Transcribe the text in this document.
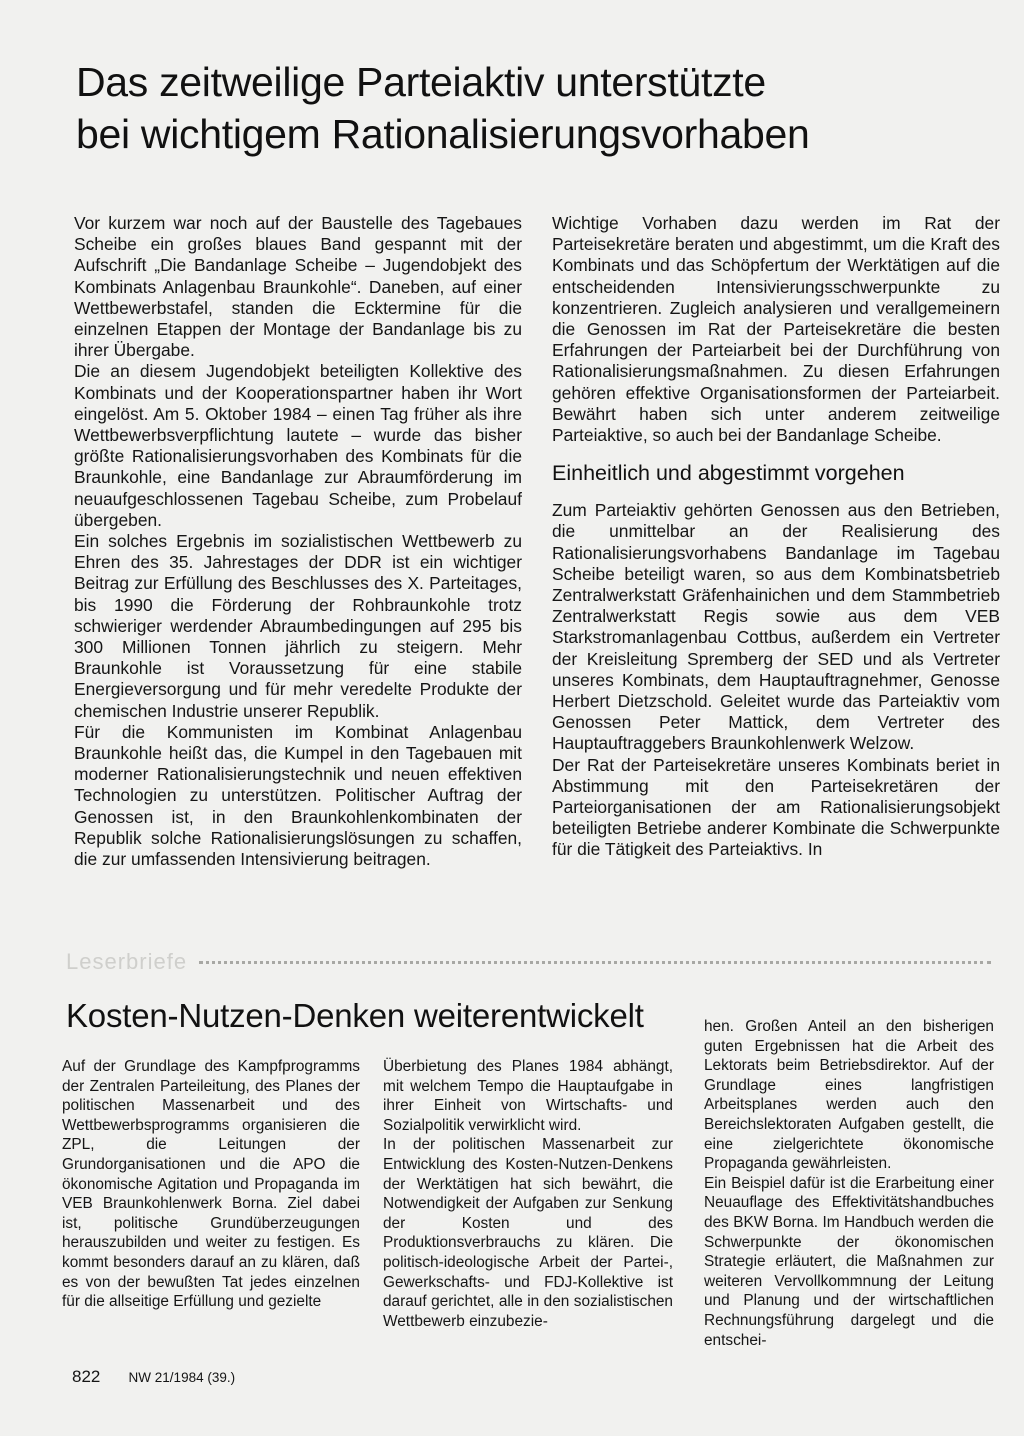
Das zeitweilige Parteiaktiv unterstützte
bei wichtigem Rationalisierungsvorhaben

Vor kurzem war noch auf der Baustelle des Tagebaues Scheibe ein großes blaues Band gespannt mit der Aufschrift „Die Bandanlage Scheibe – Jugendobjekt des Kombinats Anlagenbau Braunkohle“. Daneben, auf einer Wettbewerbstafel, standen die Ecktermine für die einzelnen Etappen der Montage der Bandanlage bis zu ihrer Übergabe.

Die an diesem Jugendobjekt beteiligten Kollektive des Kombinats und der Kooperationspartner haben ihr Wort eingelöst. Am 5. Oktober 1984 – einen Tag früher als ihre Wettbewerbsverpflichtung lautete – wurde das bisher größte Rationalisierungsvorhaben des Kombinats für die Braunkohle, eine Bandanlage zur Abraumförderung im neuaufgeschlossenen Tagebau Scheibe, zum Probelauf übergeben.

Ein solches Ergebnis im sozialistischen Wettbewerb zu Ehren des 35. Jahrestages der DDR ist ein wichtiger Beitrag zur Erfüllung des Beschlusses des X. Parteitages, bis 1990 die Förderung der Rohbraunkohle trotz schwieriger werdender Abraumbedingungen auf 295 bis 300 Millionen Tonnen jährlich zu steigern. Mehr Braunkohle ist Voraussetzung für eine stabile Energieversorgung und für mehr veredelte Produkte der chemischen Industrie unserer Republik.

Für die Kommunisten im Kombinat Anlagenbau Braunkohle heißt das, die Kumpel in den Tagebauen mit moderner Rationalisierungstechnik und neuen effektiven Technologien zu unterstützen. Politischer Auftrag der Genossen ist, in den Braunkohlenkombinaten der Republik solche Rationalisierungslösungen zu schaffen, die zur umfassenden Intensivierung beitragen.

Wichtige Vorhaben dazu werden im Rat der Parteisekretäre beraten und abgestimmt, um die Kraft des Kombinats und das Schöpfertum der Werktätigen auf die entscheidenden Intensivierungsschwerpunkte zu konzentrieren. Zugleich analysieren und verallgemeinern die Genossen im Rat der Parteisekretäre die besten Erfahrungen der Parteiarbeit bei der Durchführung von Rationalisierungsmaßnahmen. Zu diesen Erfahrungen gehören effektive Organisationsformen der Parteiarbeit. Bewährt haben sich unter anderem zeitweilige Parteiaktive, so auch bei der Bandanlage Scheibe.

Einheitlich und abgestimmt vorgehen

Zum Parteiaktiv gehörten Genossen aus den Betrieben, die unmittelbar an der Realisierung des Rationalisierungsvorhabens Bandanlage im Tagebau Scheibe beteiligt waren, so aus dem Kombinatsbetrieb Zentralwerkstatt Gräfenhainichen und dem Stammbetrieb Zentralwerkstatt Regis sowie aus dem VEB Starkstromanlagenbau Cottbus, außerdem ein Vertreter der Kreisleitung Spremberg der SED und als Vertreter unseres Kombinats, dem Hauptauftragnehmer, Genosse Herbert Dietzschold. Geleitet wurde das Parteiaktiv vom Genossen Peter Mattick, dem Vertreter des Hauptauftraggebers Braunkohlenwerk Welzow.

Der Rat der Parteisekretäre unseres Kombinats beriet in Abstimmung mit den Parteisekretären der Parteiorganisationen der am Rationalisierungsobjekt beteiligten Betriebe anderer Kombinate die Schwerpunkte für die Tätigkeit des Parteiaktivs. In

Leserbriefe
Kosten-Nutzen-Denken weiterentwickelt

Auf der Grundlage des Kampfprogramms der Zentralen Parteileitung, des Planes der politischen Massenarbeit und des Wettbewerbsprogramms organisieren die ZPL, die Leitungen der Grundorganisationen und die APO die ökonomische Agitation und Propaganda im VEB Braunkohlenwerk Borna. Ziel dabei ist, politische Grundüberzeugungen herauszubilden und weiter zu festigen. Es kommt besonders darauf an zu klären, daß es von der bewußten Tat jedes einzelnen für die allseitige Erfüllung und gezielte

Überbietung des Planes 1984 abhängt, mit welchem Tempo die Hauptaufgabe in ihrer Einheit von Wirtschafts- und Sozialpolitik verwirklicht wird.

In der politischen Massenarbeit zur Entwicklung des Kosten-Nutzen-Denkens der Werktätigen hat sich bewährt, die Notwendigkeit der Aufgaben zur Senkung der Kosten und des Produktionsverbrauchs zu klären. Die politisch-ideologische Arbeit der Partei-, Gewerkschafts- und FDJ-Kollektive ist darauf gerichtet, alle in den sozialistischen Wettbewerb einzubezie-

hen. Großen Anteil an den bisherigen guten Ergebnissen hat die Arbeit des Lektorats beim Betriebsdirektor. Auf der Grundlage eines langfristigen Arbeitsplanes werden auch den Bereichslektoraten Aufgaben gestellt, die eine zielgerichtete ökonomische Propaganda gewährleisten.

Ein Beispiel dafür ist die Erarbeitung einer Neuauflage des Effektivitätshandbuches des BKW Borna. Im Handbuch werden die Schwerpunkte der ökonomischen Strategie erläutert, die Maßnahmen zur weiteren Vervollkommnung der Leitung und Planung und der wirtschaftlichen Rechnungsführung dargelegt und die entschei-

822 NW 21/1984 (39.)
